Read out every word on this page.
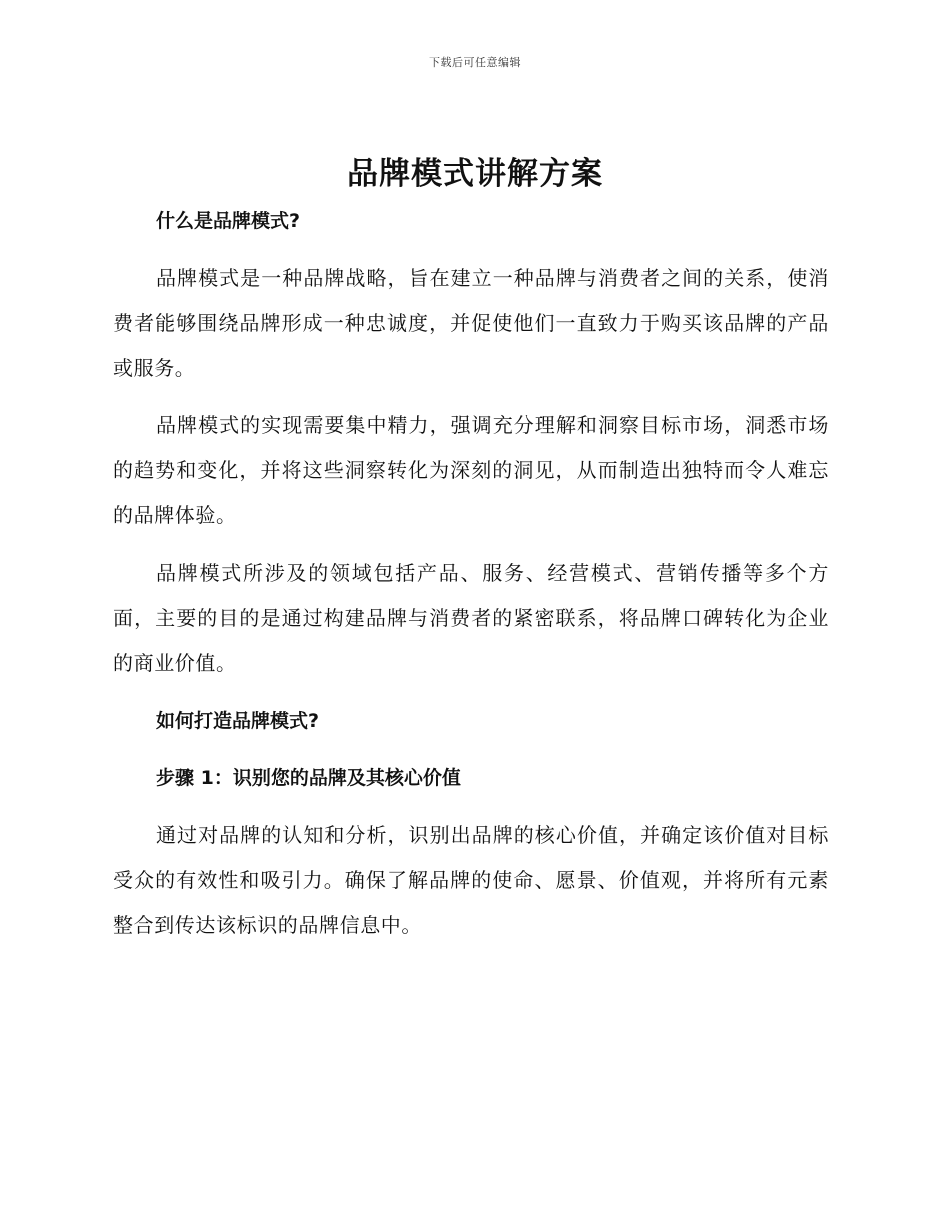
下载后可任意编辑
品牌模式讲解方案
什么是品牌模式?

品牌模式是一种品牌战略，旨在建立一种品牌与消费者之间的关系，使消费者能够围绕品牌形成一种忠诚度，并促使他们一直致力于购买该品牌的产品或服务。

品牌模式的实现需要集中精力，强调充分理解和洞察目标市场，洞悉市场的趋势和变化，并将这些洞察转化为深刻的洞见，从而制造出独特而令人难忘的品牌体验。

品牌模式所涉及的领域包括产品、服务、经营模式、营销传播等多个方面，主要的目的是通过构建品牌与消费者的紧密联系，将品牌口碑转化为企业的商业价值。

如何打造品牌模式?
步骤 1：识别您的品牌及其核心价值

通过对品牌的认知和分析，识别出品牌的核心价值，并确定该价值对目标受众的有效性和吸引力。确保了解品牌的使命、愿景、价值观，并将所有元素整合到传达该标识的品牌信息中。
